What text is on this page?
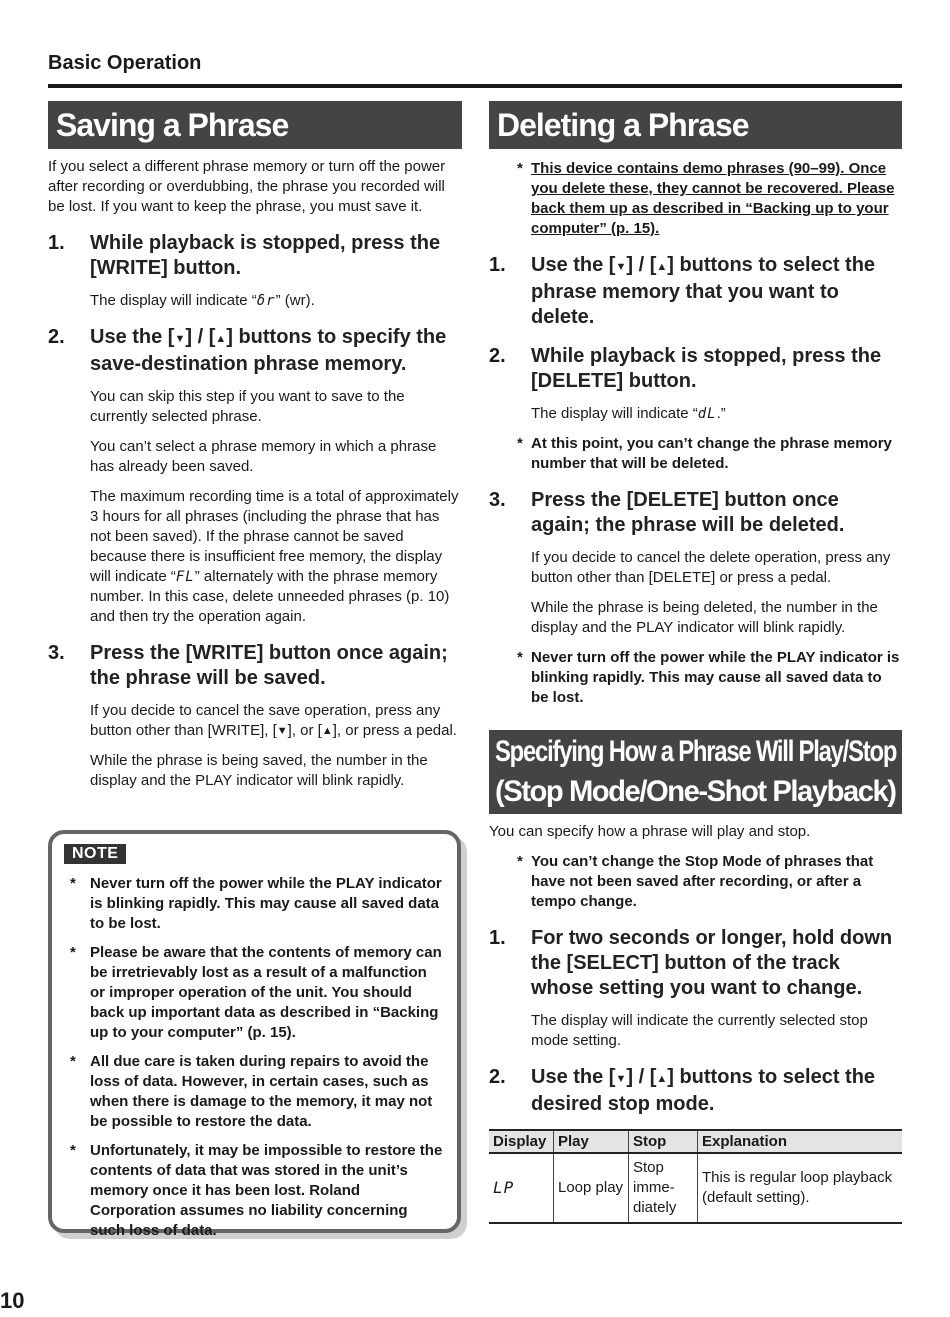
Basic Operation
Saving a Phrase

If you select a different phrase memory or turn off the power after recording or overdubbing, the phrase you recorded will be lost. If you want to keep the phrase, you must save it.

1.	While playback is stopped, press the [WRITE] button.
The display will indicate “ẟr” (wr).
2.	Use the [▼] / [▲] buttons to specify the save-destination phrase memory.
You can skip this step if you want to save to the currently selected phrase.
You can’t select a phrase memory in which a phrase has already been saved.
The maximum recording time is a total of approximately 3 hours for all phrases (including the phrase that has not been saved). If the phrase cannot be saved because there is insufficient free memory, the display will indicate “FL” alternately with the phrase memory number. In this case, delete unneeded phrases (p. 10) and then try the operation again.
3.	Press the [WRITE] button once again; the phrase will be saved.
If you decide to cancel the save operation, press any button other than [WRITE], [▼], or [▲], or press a pedal.
While the phrase is being saved, the number in the display and the PLAY indicator will blink rapidly.
NOTE
* Never turn off the power while the PLAY indicator is blinking rapidly. This may cause all saved data to be lost.
* Please be aware that the contents of memory can be irretrievably lost as a result of a malfunction or improper operation of the unit. You should back up important data as described in “Backing up to your computer” (p. 15).
* All due care is taken during repairs to avoid the loss of data. However, in certain cases, such as when there is damage to the memory, it may not be possible to restore the data.
* Unfortunately, it may be impossible to restore the contents of data that was stored in the unit’s memory once it has been lost. Roland Corporation assumes no liability concerning such loss of data.
Deleting a Phrase
* This device contains demo phrases (90–99). Once you delete these, they cannot be recovered. Please back them up as described in “Backing up to your computer” (p. 15).
1.	Use the [▼] / [▲] buttons to select the phrase memory that you want to delete.
2.	While playback is stopped, press the [DELETE] button.
The display will indicate “dL.”
* At this point, you can’t change the phrase memory number that will be deleted.
3.	Press the [DELETE] button once again; the phrase will be deleted.
If you decide to cancel the delete operation, press any button other than [DELETE] or press a pedal.
While the phrase is being deleted, the number in the display and the PLAY indicator will blink rapidly.
* Never turn off the power while the PLAY indicator is blinking rapidly. This may cause all saved data to be lost.
Specifying How a Phrase Will Play/Stop (Stop Mode/One-Shot Playback)

You can specify how a phrase will play and stop.

* You can’t change the Stop Mode of phrases that have not been saved after recording, or after a tempo change.
1.	For two seconds or longer, hold down the [SELECT] button of the track whose setting you want to change.
The display will indicate the currently selected stop mode setting.
2.	Use the [▼] / [▲] buttons to select the desired stop mode.
Display	Play	Stop	Explanation
LP	Loop play	Stop imme-diately	This is regular loop playback (default setting).
10
